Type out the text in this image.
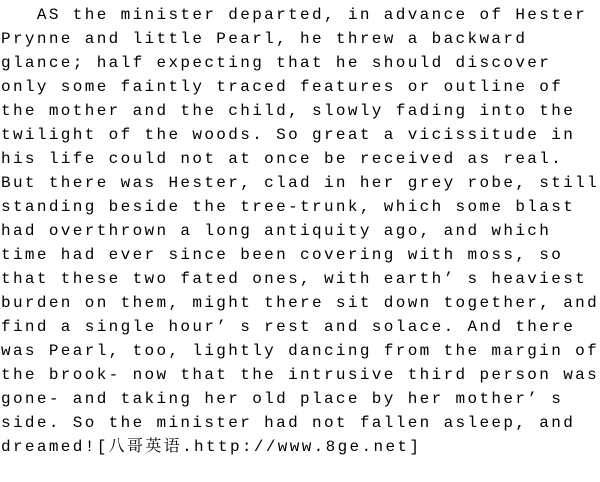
AS the minister departed, in advance of Hester
Prynne and little Pearl, he threw a backward
glance; half expecting that he should discover
only some faintly traced features or outline of
the mother and the child, slowly fading into the
twilight of the woods. So great a vicissitude in
his life could not at once be received as real.
But there was Hester, clad in her grey robe, still
standing beside the tree-trunk, which some blast
had overthrown a long antiquity ago, and which
time had ever since been covering with moss, so
that these two fated ones, with earth’ s heaviest
burden on them, might there sit down together, and
find a single hour’ s rest and solace. And there
was Pearl, too, lightly dancing from the margin of
the brook- now that the intrusive third person was
gone- and taking her old place by her mother’ s
side. So the minister had not fallen asleep, and
dreamed![八哥英语.http://www.8ge.net]
